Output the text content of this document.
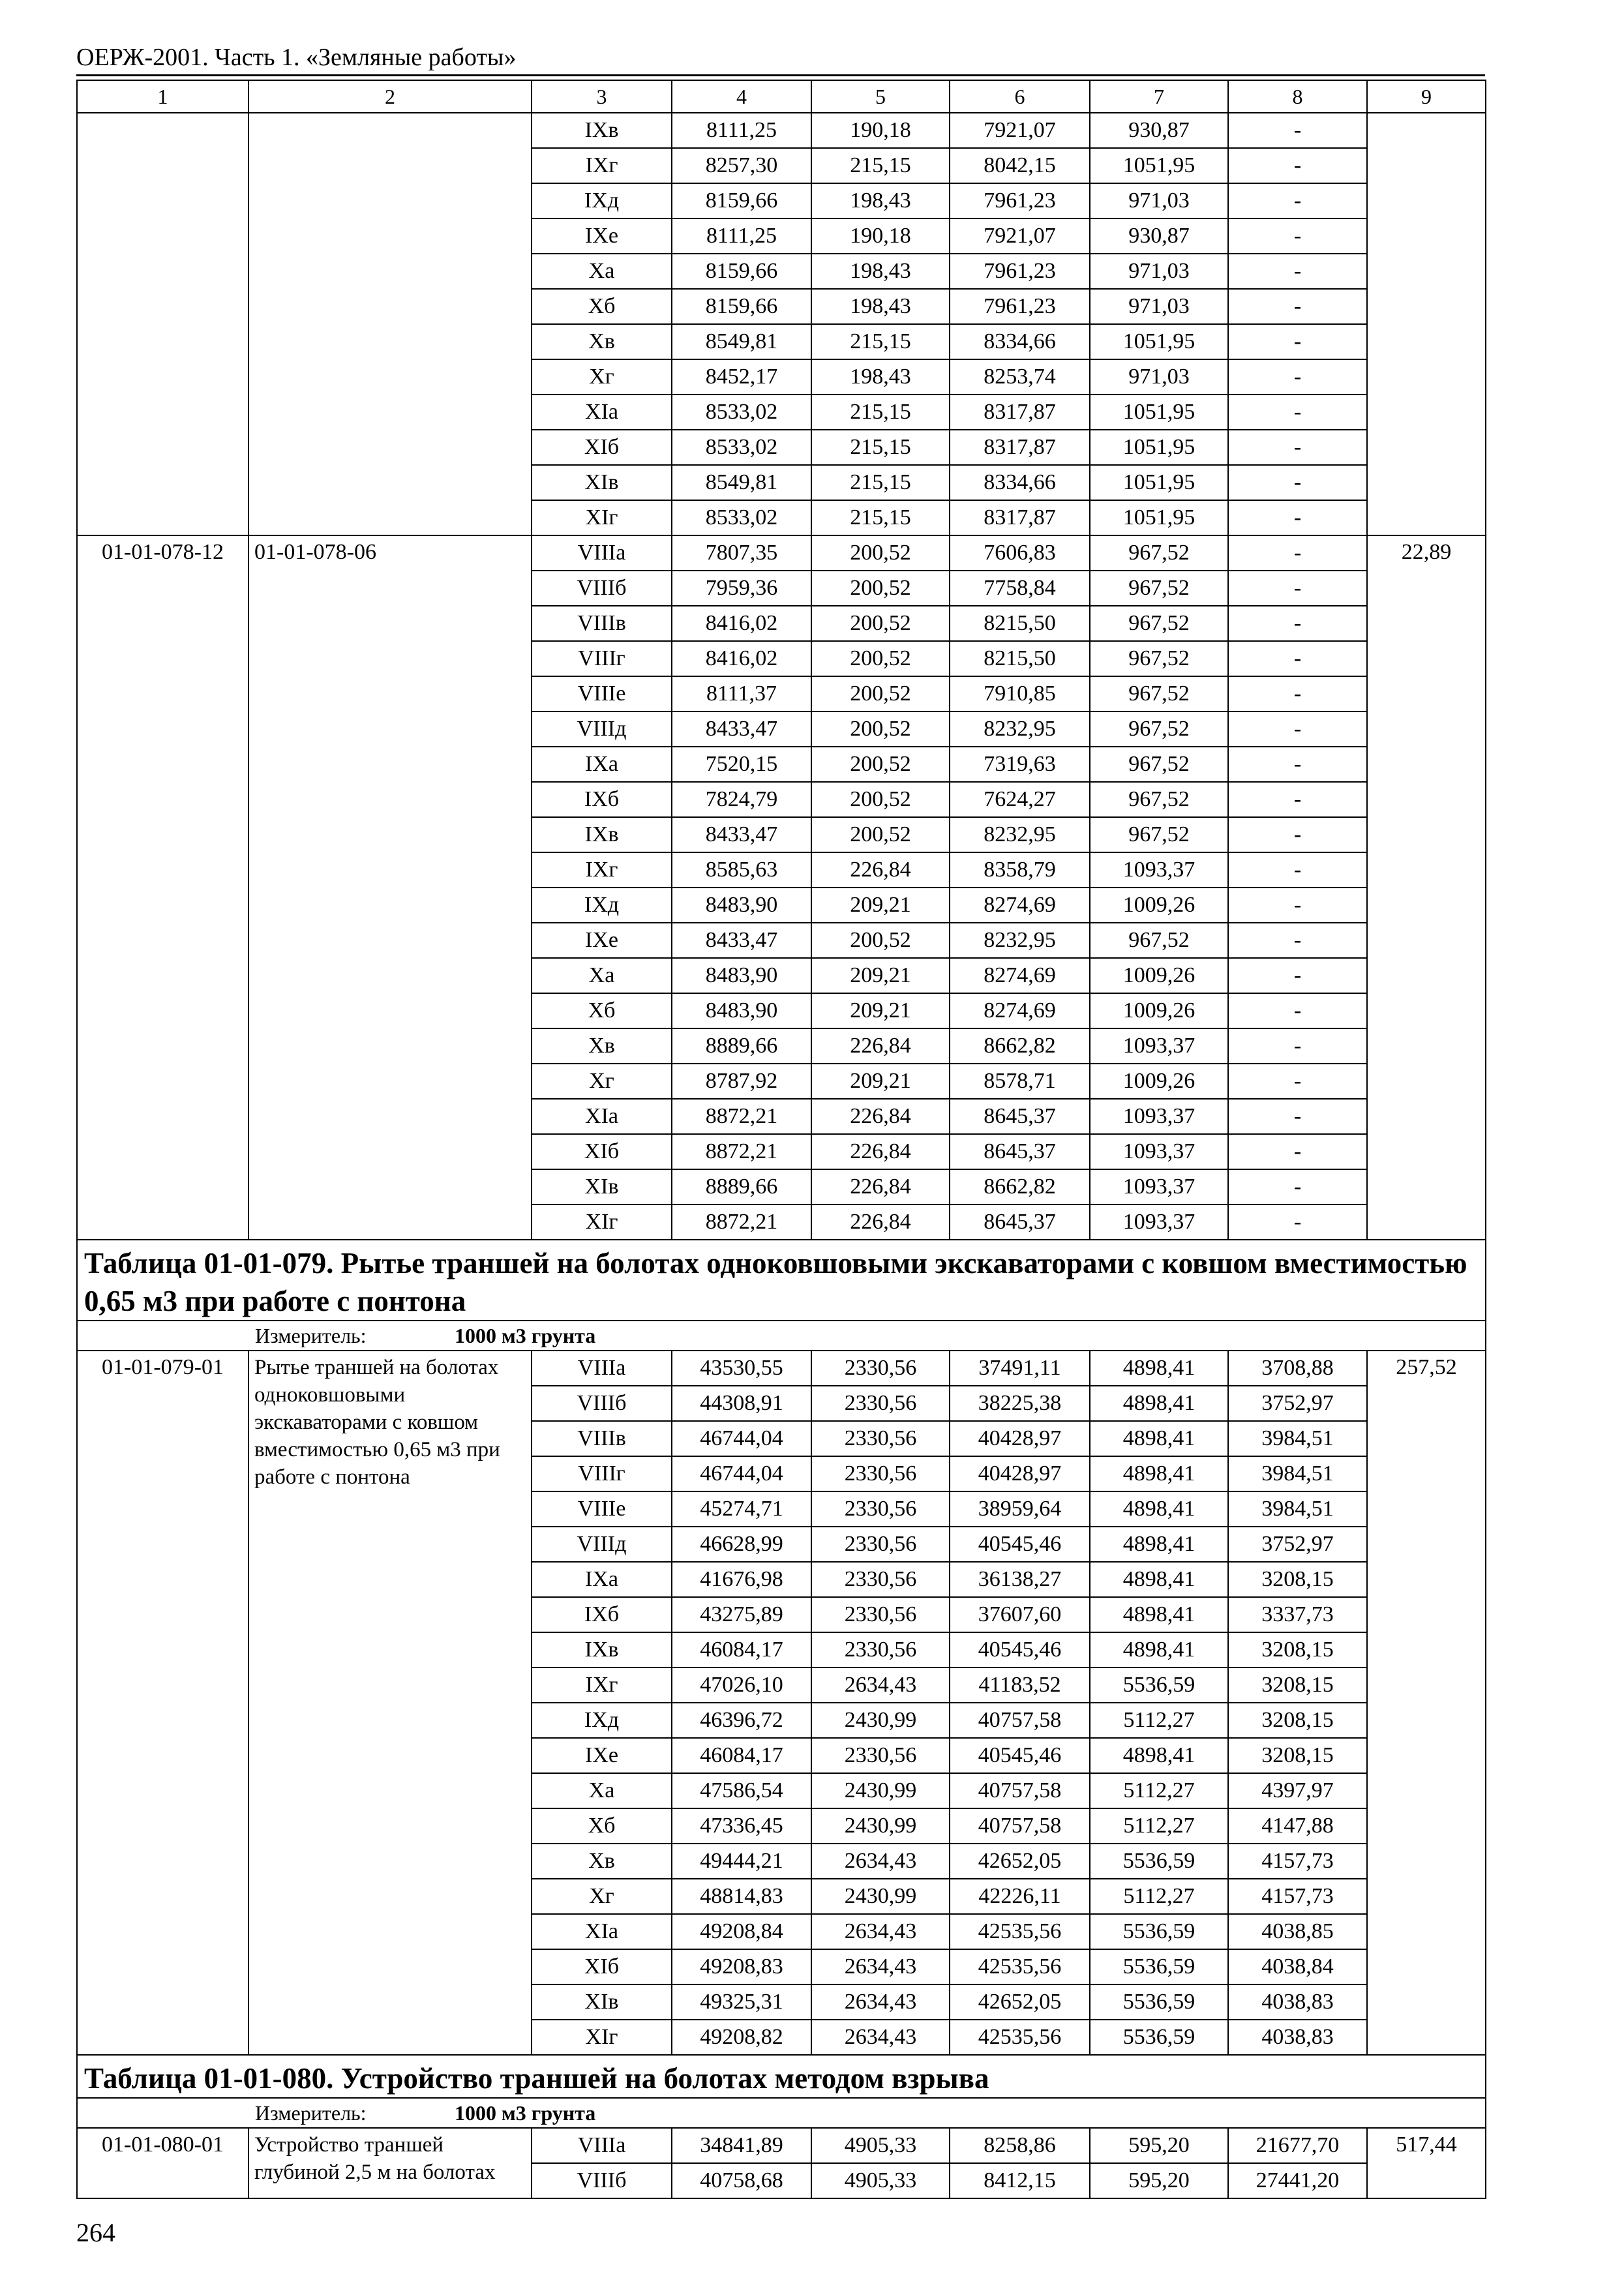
ОЕРЖ-2001. Часть 1. «Земляные работы»
1	2	3	4	5	6	7	8	9
		IXв	8111,25	190,18	7921,07	930,87	-	
		IXг	8257,30	215,15	8042,15	1051,95	-	
		IXд	8159,66	198,43	7961,23	971,03	-	
		IXе	8111,25	190,18	7921,07	930,87	-	
		Xа	8159,66	198,43	7961,23	971,03	-	
		Xб	8159,66	198,43	7961,23	971,03	-	
		Xв	8549,81	215,15	8334,66	1051,95	-	
		Xг	8452,17	198,43	8253,74	971,03	-	
		XIа	8533,02	215,15	8317,87	1051,95	-	
		XIб	8533,02	215,15	8317,87	1051,95	-	
		XIв	8549,81	215,15	8334,66	1051,95	-	
		XIг	8533,02	215,15	8317,87	1051,95	-	
01-01-078-12	01-01-078-06	VIIIа	7807,35	200,52	7606,83	967,52	-	22,89
		VIIIб	7959,36	200,52	7758,84	967,52	-	
		VIIIв	8416,02	200,52	8215,50	967,52	-	
		VIIIг	8416,02	200,52	8215,50	967,52	-	
		VIIIе	8111,37	200,52	7910,85	967,52	-	
		VIIIд	8433,47	200,52	8232,95	967,52	-	
		IXа	7520,15	200,52	7319,63	967,52	-	
		IXб	7824,79	200,52	7624,27	967,52	-	
		IXв	8433,47	200,52	8232,95	967,52	-	
		IXг	8585,63	226,84	8358,79	1093,37	-	
		IXд	8483,90	209,21	8274,69	1009,26	-	
		IXе	8433,47	200,52	8232,95	967,52	-	
		Xа	8483,90	209,21	8274,69	1009,26	-	
		Xб	8483,90	209,21	8274,69	1009,26	-	
		Xв	8889,66	226,84	8662,82	1093,37	-	
		Xг	8787,92	209,21	8578,71	1009,26	-	
		XIа	8872,21	226,84	8645,37	1093,37	-	
		XIб	8872,21	226,84	8645,37	1093,37	-	
		XIв	8889,66	226,84	8662,82	1093,37	-	
		XIг	8872,21	226,84	8645,37	1093,37	-	
Таблица 01-01-079. Рытье траншей на болотах одноковшовыми экскаваторами с ковшом вместимостью 0,65 м3 при работе с понтона								
Измеритель: 1000 м3 грунта								
01-01-079-01	Рытье траншей на болотах одноковшовыми экскаваторами с ковшом вместимостью 0,65 м3 при работе с понтона	VIIIа	43530,55	2330,56	37491,11	4898,41	3708,88	257,52
		VIIIб	44308,91	2330,56	38225,38	4898,41	3752,97	
		VIIIв	46744,04	2330,56	40428,97	4898,41	3984,51	
		VIIIг	46744,04	2330,56	40428,97	4898,41	3984,51	
		VIIIе	45274,71	2330,56	38959,64	4898,41	3984,51	
		VIIIд	46628,99	2330,56	40545,46	4898,41	3752,97	
		IXа	41676,98	2330,56	36138,27	4898,41	3208,15	
		IXб	43275,89	2330,56	37607,60	4898,41	3337,73	
		IXв	46084,17	2330,56	40545,46	4898,41	3208,15	
		IXг	47026,10	2634,43	41183,52	5536,59	3208,15	
		IXд	46396,72	2430,99	40757,58	5112,27	3208,15	
		IXе	46084,17	2330,56	40545,46	4898,41	3208,15	
		Xа	47586,54	2430,99	40757,58	5112,27	4397,97	
		Xб	47336,45	2430,99	40757,58	5112,27	4147,88	
		Xв	49444,21	2634,43	42652,05	5536,59	4157,73	
		Xг	48814,83	2430,99	42226,11	5112,27	4157,73	
		XIа	49208,84	2634,43	42535,56	5536,59	4038,85	
		XIб	49208,83	2634,43	42535,56	5536,59	4038,84	
		XIв	49325,31	2634,43	42652,05	5536,59	4038,83	
		XIг	49208,82	2634,43	42535,56	5536,59	4038,83	
Таблица 01-01-080. Устройство траншей на болотах методом взрыва								
Измеритель: 1000 м3 грунта								
01-01-080-01	Устройство траншей глубиной 2,5 м на болотах	VIIIа	34841,89	4905,33	8258,86	595,20	21677,70	517,44
		VIIIб	40758,68	4905,33	8412,15	595,20	27441,20	
264
